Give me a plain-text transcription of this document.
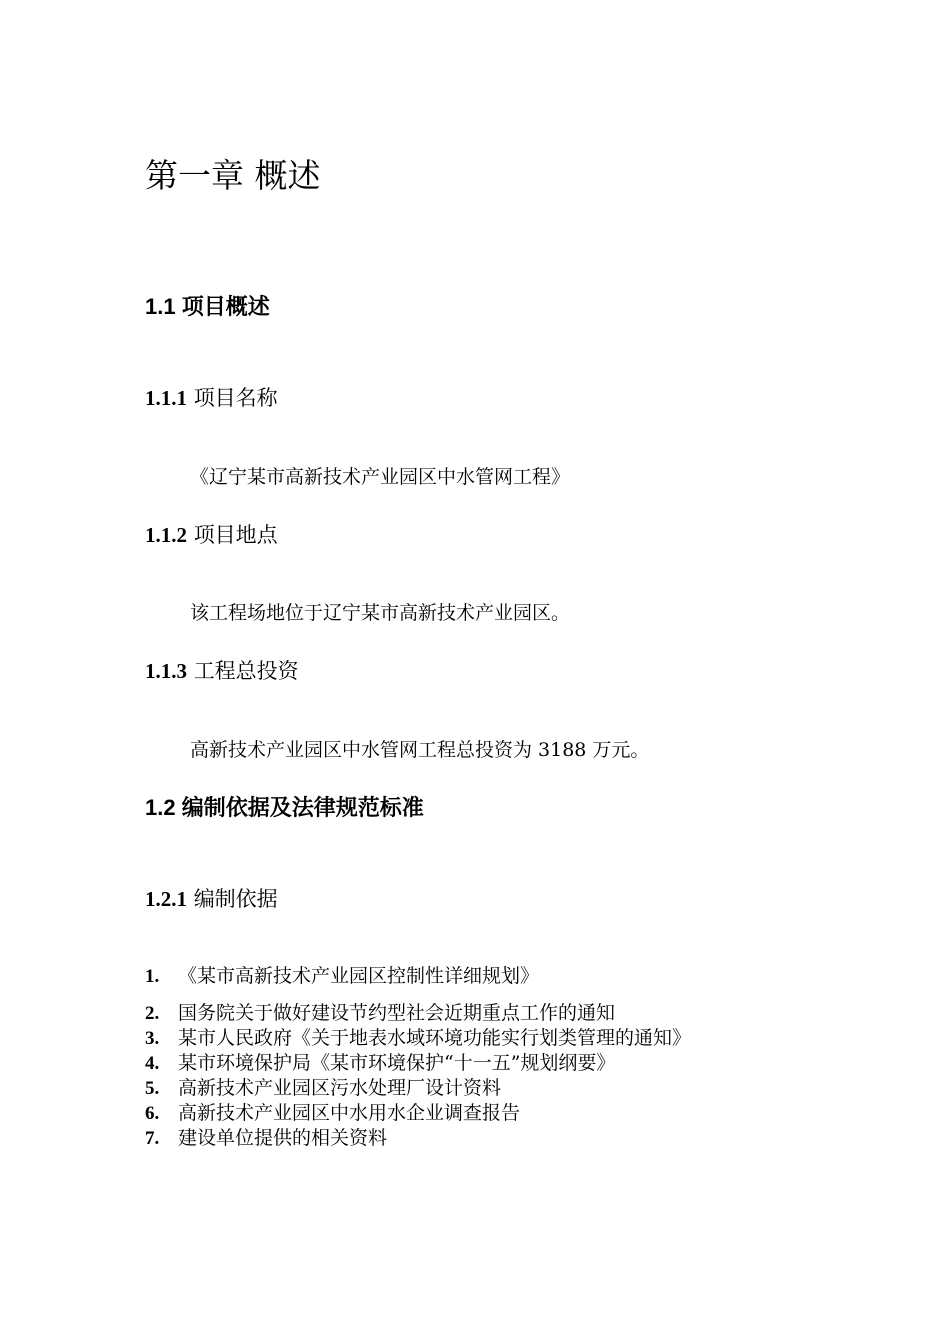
第一章 概述
1.1 项目概述
1.1.1 项目名称
《辽宁某市高新技术产业园区中水管网工程》
1.1.2 项目地点
该工程场地位于辽宁某市高新技术产业园区。
1.1.3 工程总投资
高新技术产业园区中水管网工程总投资为 3188 万元。
1.2 编制依据及法律规范标准
1.2.1 编制依据
1. 《某市高新技术产业园区控制性详细规划》
2. 国务院关于做好建设节约型社会近期重点工作的通知
3. 某市人民政府《关于地表水域环境功能实行划类管理的通知》
4. 某市环境保护局《某市环境保护“十一五”规划纲要》
5. 高新技术产业园区污水处理厂设计资料
6. 高新技术产业园区中水用水企业调查报告
7. 建设单位提供的相关资料
